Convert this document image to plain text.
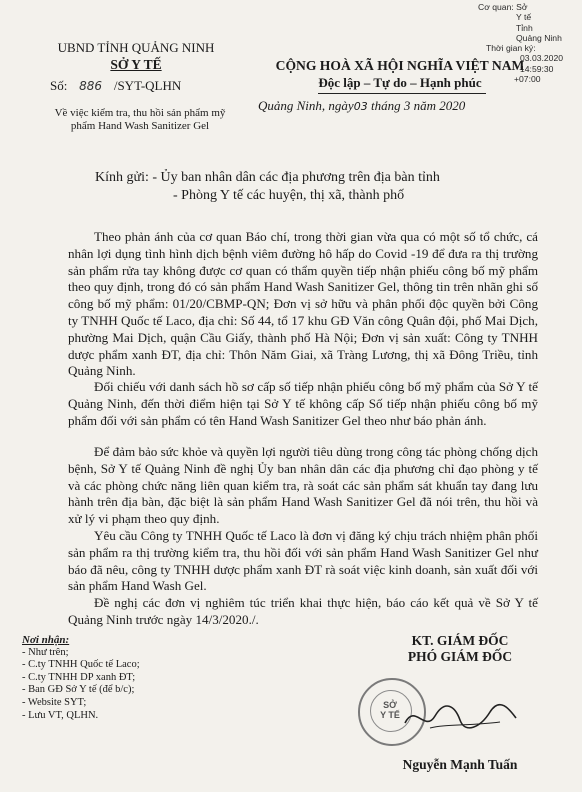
Cơ quan: Sở
Y tế
Tỉnh
Quảng Ninh
Thời gian ký:
03.03.2020
14:59:30
+07:00
UBND TỈNH QUẢNG NINH
SỞ Y TẾ
Số: 886 /SYT-QLHN
Về việc kiểm tra, thu hồi sản phẩm mỹ phẩm Hand Wash Sanitizer Gel
CỘNG HOÀ XÃ HỘI NGHĨA VIỆT NAM
Độc lập – Tự do – Hạnh phúc
Quảng Ninh, ngày03 tháng 3 năm 2020
Kính gửi: - Ủy ban nhân dân các địa phương trên địa bàn tỉnh
- Phòng Y tế các huyện, thị xã, thành phố

Theo phản ánh của cơ quan Báo chí, trong thời gian vừa qua có một số tổ chức, cá nhân lợi dụng tình hình dịch bệnh viêm đường hô hấp do Covid -19 để đưa ra thị trường sản phẩm rửa tay không được cơ quan có thẩm quyền tiếp nhận phiếu công bố mỹ phẩm theo quy định, trong đó có sản phẩm Hand Wash Sanitizer Gel, thông tin trên nhãn ghi số công bố mỹ phẩm: 01/20/CBMP-QN; Đơn vị sở hữu và phân phối độc quyền bởi Công ty TNHH Quốc tế Laco, địa chỉ: Số 44, tổ 17 khu GĐ Văn công Quân đội, phố Mai Dịch, phường Mai Dịch, quận Cầu Giấy, thành phố Hà Nội; Đơn vị sản xuất: Công ty TNHH dược phẩm xanh ĐT, địa chỉ: Thôn Năm Giai, xã Tràng Lương, thị xã Đông Triều, tỉnh Quảng Ninh.

Đối chiếu với danh sách hồ sơ cấp số tiếp nhận phiếu công bố mỹ phẩm của Sở Y tế Quảng Ninh, đến thời điểm hiện tại Sở Y tế không cấp Số tiếp nhận phiếu công bố mỹ phẩm đối với sản phẩm có tên Hand Wash Sanitizer Gel theo như báo phản ánh.

Để đảm bảo sức khỏe và quyền lợi người tiêu dùng trong công tác phòng chống dịch bệnh, Sở Y tế Quảng Ninh đề nghị Ủy ban nhân dân các địa phương chỉ đạo phòng y tế và các phòng chức năng liên quan kiểm tra, rà soát các sản phẩm sát khuẩn tay đang lưu hành trên địa bàn, đặc biệt là sản phẩm Hand Wash Sanitizer Gel đã nói trên, thu hồi và xử lý vi phạm theo quy định.

Yêu cầu Công ty TNHH Quốc tế Laco là đơn vị đăng ký chịu trách nhiệm phân phối sản phẩm ra thị trường kiểm tra, thu hồi đối với sản phẩm Hand Wash Sanitizer Gel như báo đã nêu, công ty TNHH dược phẩm xanh ĐT rà soát việc kinh doanh, sản xuất đối với sản phẩm Hand Wash Gel.

Đề nghị các đơn vị nghiêm túc triển khai thực hiện, báo cáo kết quả về Sở Y tế Quảng Ninh trước ngày 14/3/2020./.

Nơi nhận:
- Như trên;
- C.ty TNHH Quốc tế Laco;
- C.ty TNHH DP xanh ĐT;
- Ban GĐ Sở Y tế (để b/c);
- Website SYT;
- Lưu VT, QLHN.
KT. GIÁM ĐỐC
PHÓ GIÁM ĐỐC
Nguyễn Mạnh Tuấn
SỞ
Y TẾ
